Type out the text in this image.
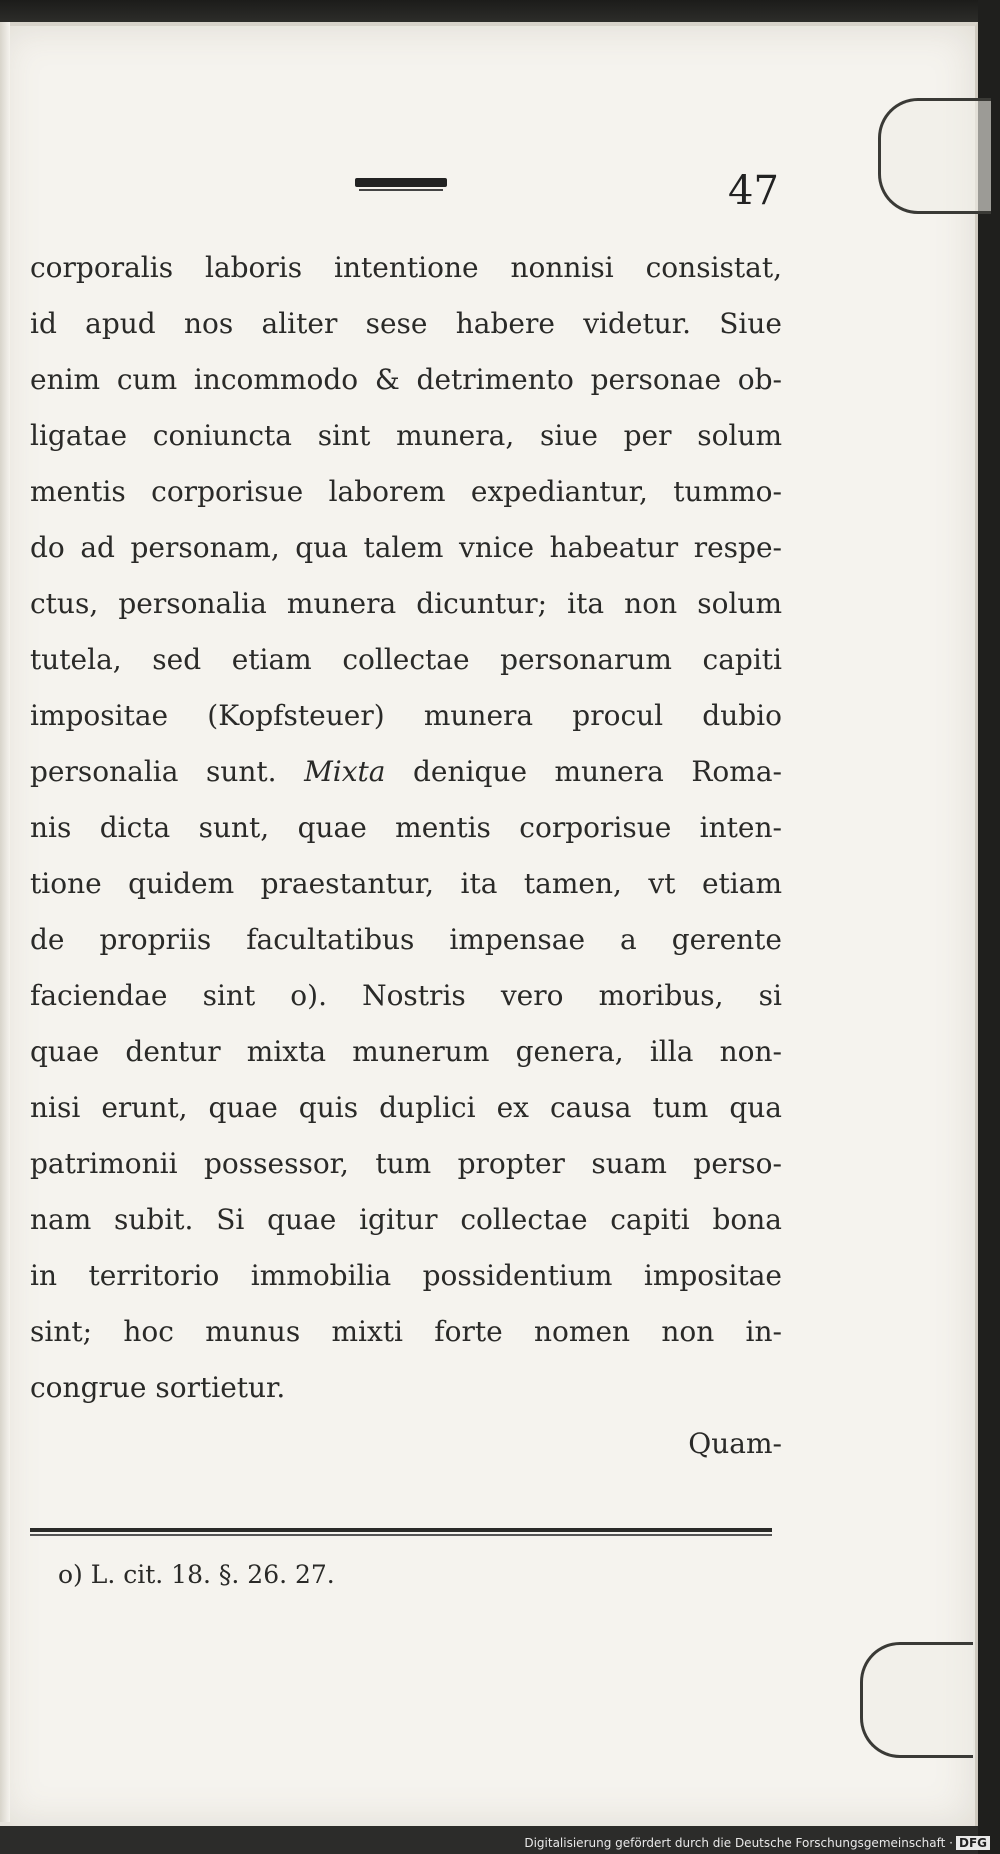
47
corporalis laboris intentione nonnisi consistat,
id apud nos aliter sese habere videtur. Siue
enim cum incommodo & detrimento personae ob-
ligatae coniuncta sint munera, siue per solum
mentis corporisue laborem expediantur, tummo-
do ad personam, qua talem vnice habeatur respe-
ctus, personalia munera dicuntur; ita non solum
tutela, sed etiam collectae personarum capiti
impositae (Kopfsteuer) munera procul dubio
personalia sunt. Mixta denique munera Roma-
nis dicta sunt, quae mentis corporisue inten-
tione quidem praestantur, ita tamen, vt etiam
de propriis facultatibus impensae a gerente
faciendae sint o). Nostris vero moribus, si
quae dentur mixta munerum genera, illa non-
nisi erunt, quae quis duplici ex causa tum qua
patrimonii possessor, tum propter suam perso-
nam subit. Si quae igitur collectae capiti bona
in territorio immobilia possidentium impositae
sint; hoc munus mixti forte nomen non in-
congrue sortietur.
Quam-
o) L. cit. 18. §. 26. 27.
Digitalisierung gefördert durch die Deutsche Forschungsgemeinschaft · DFG
